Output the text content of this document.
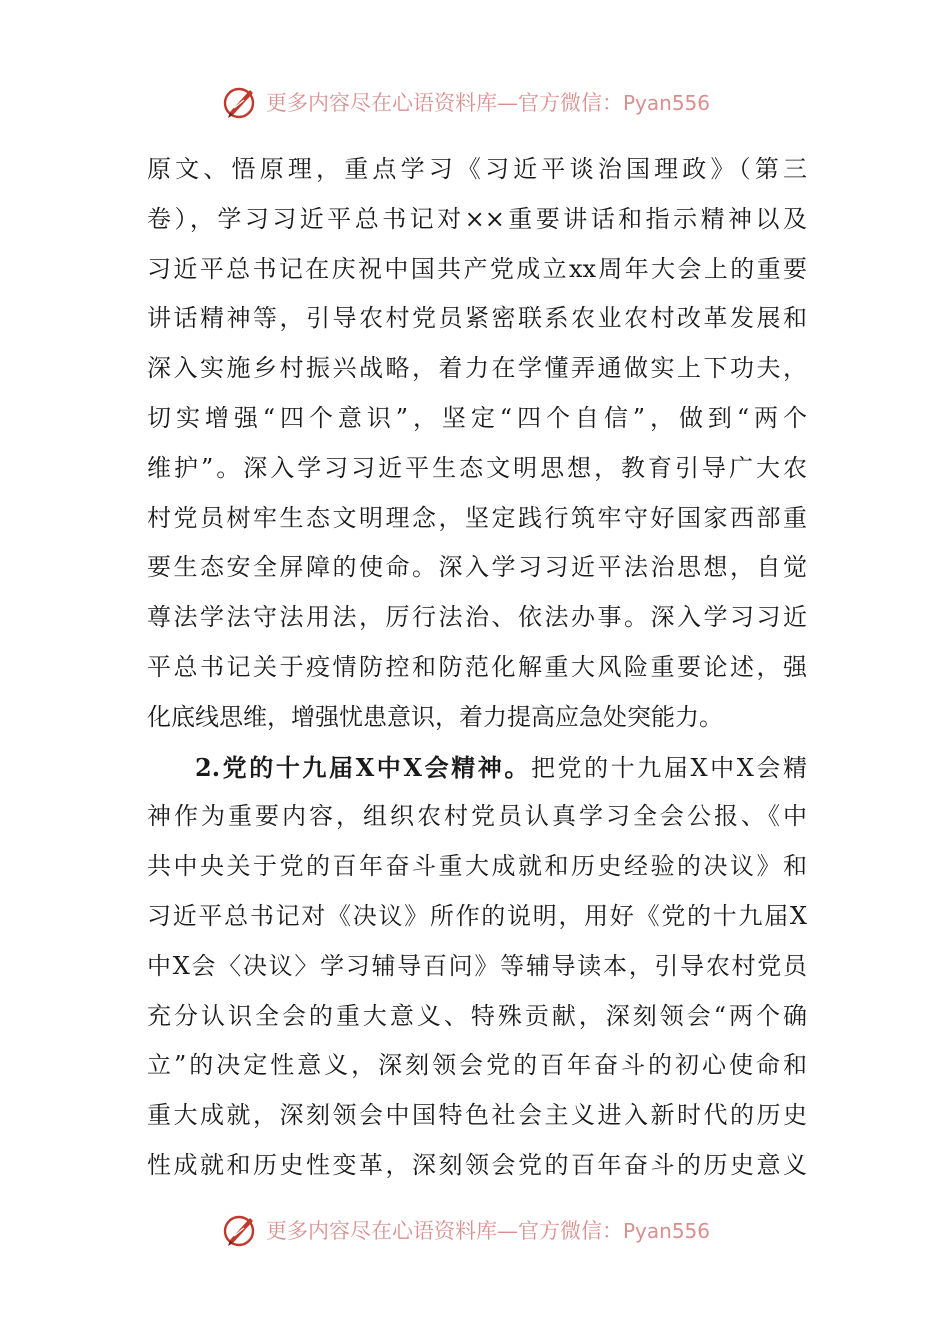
更多内容尽在心语资料库—官方微信：Pyan556
原文、悟原理，重点学习《习近平谈治国理政》（第三
卷），学习习近平总书记对××重要讲话和指示精神以及
习近平总书记在庆祝中国共产党成立xx周年大会上的重要
讲话精神等，引导农村党员紧密联系农业农村改革发展和
深入实施乡村振兴战略，着力在学懂弄通做实上下功夫，
切实增强“四个意识”，坚定“四个自信”，做到“两个
维护”。深入学习习近平生态文明思想，教育引导广大农
村党员树牢生态文明理念，坚定践行筑牢守好国家西部重
要生态安全屏障的使命。深入学习习近平法治思想，自觉
尊法学法守法用法，厉行法治、依法办事。深入学习习近
平总书记关于疫情防控和防范化解重大风险重要论述，强
化底线思维，增强忧患意识，着力提高应急处突能力。
2.党的十九届X中X会精神。把党的十九届X中X会精
神作为重要内容，组织农村党员认真学习全会公报、《中
共中央关于党的百年奋斗重大成就和历史经验的决议》和
习近平总书记对《决议》所作的说明，用好《党的十九届X
中X会〈决议〉学习辅导百问》等辅导读本，引导农村党员
充分认识全会的重大意义、特殊贡献，深刻领会“两个确
立”的决定性意义，深刻领会党的百年奋斗的初心使命和
重大成就，深刻领会中国特色社会主义进入新时代的历史
性成就和历史性变革，深刻领会党的百年奋斗的历史意义
更多内容尽在心语资料库—官方微信：Pyan556
